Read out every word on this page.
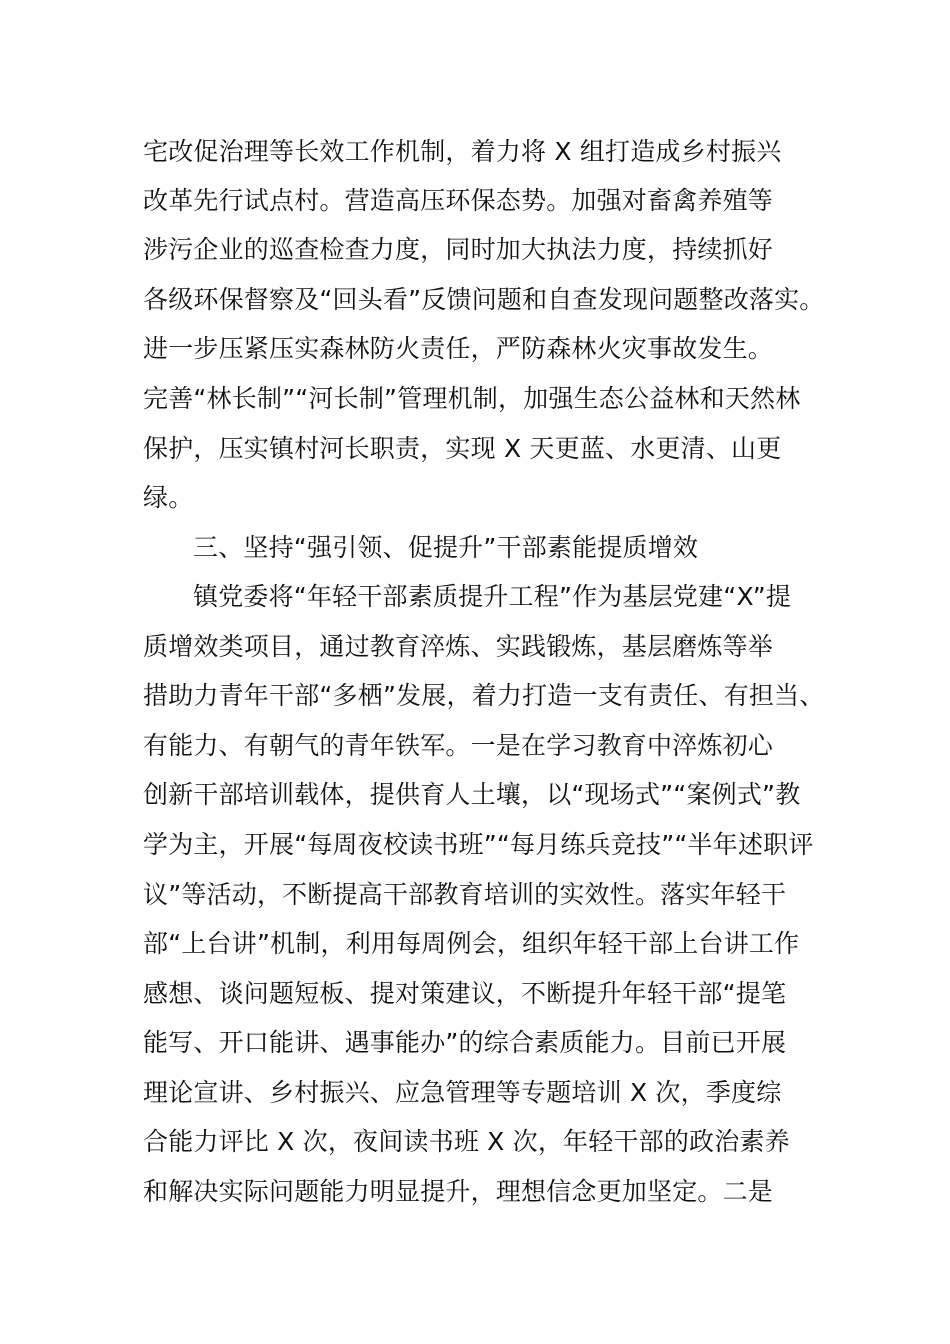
宅改促治理等长效工作机制，着力将 X 组打造成乡村振兴
改革先行试点村。营造高压环保态势。加强对畜禽养殖等
涉污企业的巡查检查力度，同时加大执法力度，持续抓好
各级环保督察及“回头看”反馈问题和自查发现问题整改落实。
进一步压紧压实森林防火责任，严防森林火灾事故发生。
完善“林长制”“河长制”管理机制，加强生态公益林和天然林
保护，压实镇村河长职责，实现 X 天更蓝、水更清、山更
绿。
三、坚持“强引领、促提升”干部素能提质增效
镇党委将“年轻干部素质提升工程”作为基层党建“X”提
质增效类项目，通过教育淬炼、实践锻炼，基层磨炼等举
措助力青年干部“多栖”发展，着力打造一支有责任、有担当、
有能力、有朝气的青年铁军。一是在学习教育中淬炼初心
创新干部培训载体，提供育人土壤，以“现场式”“案例式”教
学为主，开展“每周夜校读书班”“每月练兵竞技”“半年述职评
议”等活动，不断提高干部教育培训的实效性。落实年轻干
部“上台讲”机制，利用每周例会，组织年轻干部上台讲工作
感想、谈问题短板、提对策建议，不断提升年轻干部“提笔
能写、开口能讲、遇事能办”的综合素质能力。目前已开展
理论宣讲、乡村振兴、应急管理等专题培训 X 次，季度综
合能力评比 X 次，夜间读书班 X 次，年轻干部的政治素养
和解决实际问题能力明显提升，理想信念更加坚定。二是
